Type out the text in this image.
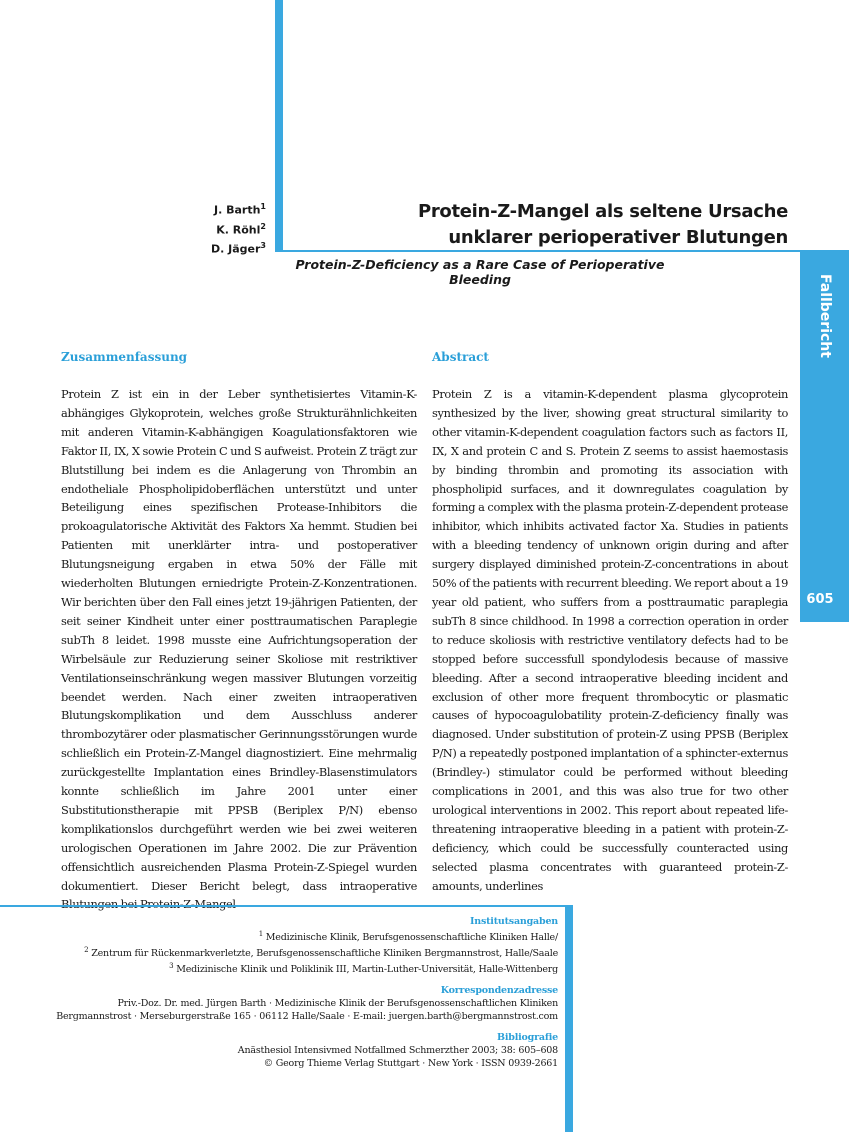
Fallbericht
605
J. Barth$^1$
K. Röhl$^2$
D. Jäger$^3$
Protein-Z-Mangel als seltene Ursache
unklarer perioperativer Blutungen
Protein-Z-Deficiency as a Rare Case of Perioperative Bleeding
Zusammenfassung	Abstract
Protein Z ist ein in der Leber synthetisiertes Vitamin-K-abhängiges Glykoprotein, welches große Strukturähnlichkeiten mit anderen Vitamin-K-abhängigen Koagulationsfaktoren wie Faktor II, IX, X sowie Protein C und S aufweist. Protein Z trägt zur Blutstillung bei indem es die Anlagerung von Thrombin an endotheliale Phospholipidoberflächen unterstützt und unter Beteiligung eines spezifischen Protease-Inhibitors die prokoagulatorische Aktivität des Faktors Xa hemmt. Studien bei Patienten mit unerklärter intra- und postoperativer Blutungsneigung ergaben in etwa 50% der Fälle mit wiederholten Blutungen erniedrigte Protein-Z-Konzentrationen. Wir berichten über den Fall eines jetzt 19-jährigen Patienten, der seit seiner Kindheit unter einer posttraumatischen Paraplegie subTh 8 leidet. 1998 musste eine Aufrichtungsoperation der Wirbelsäule zur Reduzierung seiner Skoliose mit restriktiver Ventilationseinschränkung wegen massiver Blutungen vorzeitig beendet werden. Nach einer zweiten intraoperativen Blutungskomplikation und dem Ausschluss anderer thrombozytärer oder plasmatischer Gerinnungsstörungen wurde schließlich ein Protein-Z-Mangel diagnostiziert. Eine mehrmalig zurückgestellte Implantation eines Brindley-Blasenstimulators konnte schließlich im Jahre 2001 unter einer Substitutionstherapie mit PPSB (Beriplex P/N) ebenso komplikationslos durchgeführt werden wie bei zwei weiteren urologischen Operationen im Jahre 2002. Die zur Prävention offensichtlich ausreichenden Plasma Protein-Z-Spiegel wurden dokumentiert. Dieser Bericht belegt, dass intraoperative
Protein Z is a vitamin-K-dependent plasma glycoprotein synthesized by the liver, showing great structural similarity to other vitamin-K-dependent coagulation factors such as factors II, IX, X and protein C and S. Protein Z seems to assist haemostasis by binding thrombin and promoting its association with phospholipid surfaces, and it downregulates coagulation by forming a complex with the plasma protein-Z-dependent protease inhibitor, which inhibits activated factor Xa. Studies in patients with a bleeding tendency of unknown origin during and after surgery displayed diminished protein-Z-concentrations in about 50% of the patients with recurrent bleeding. We report about a 19 year old patient, who suffers from a posttraumatic paraplegia subTh 8 since childhood. In 1998 a correction operation in order to reduce skoliosis with restrictive ventilatory defects had to be stopped before successfull spondylodesis because of massive bleeding. After a second intraoperative bleeding incident and exclusion of other more frequent thrombocytic or plasmatic causes of hypocoagulobatility protein-Z-deficiency finally was diagnosed. Under substitution of protein-Z using PPSB (Beriplex P/N) a repeatedly postponed implantation of a sphincter-externus (Brindley-) stimulator could be performed without bleeding complications in 2001, and this was also true for two other urological interventions in 2002. This report about repeated life-threatening intraoperative bleeding in a patient with protein-Z-deficiency, which could be successfully counteracted using selected plasma concentrates with guaranteed protein-Z-amounts, underlines
Institutsangaben
$^1$ Medizinische Klinik, Berufsgenossenschaftliche Kliniken Halle/
$^2$ Zentrum für Rückenmarkverletzte, Berufsgenossenschaftliche Kliniken Bergmannstrost, Halle/Saale
$^3$ Medizinische Klinik und Poliklinik III, Martin-Luther-Universität, Halle-Wittenberg
Korrespondenzadresse
Priv.-Doz. Dr. med. Jürgen Barth · Medizinische Klinik der Berufsgenossenschaftlichen Kliniken
Bergmannstrost · Merseburgerstraße 165 · 06112 Halle/Saale · E-mail: juergen.barth@bergmannstrost.com
Bibliografie
Anästhesiol Intensivmed Notfallmed Schmerzther 2003; 38: 605–608
© Georg Thieme Verlag Stuttgart · New York · ISSN 0939-2661
